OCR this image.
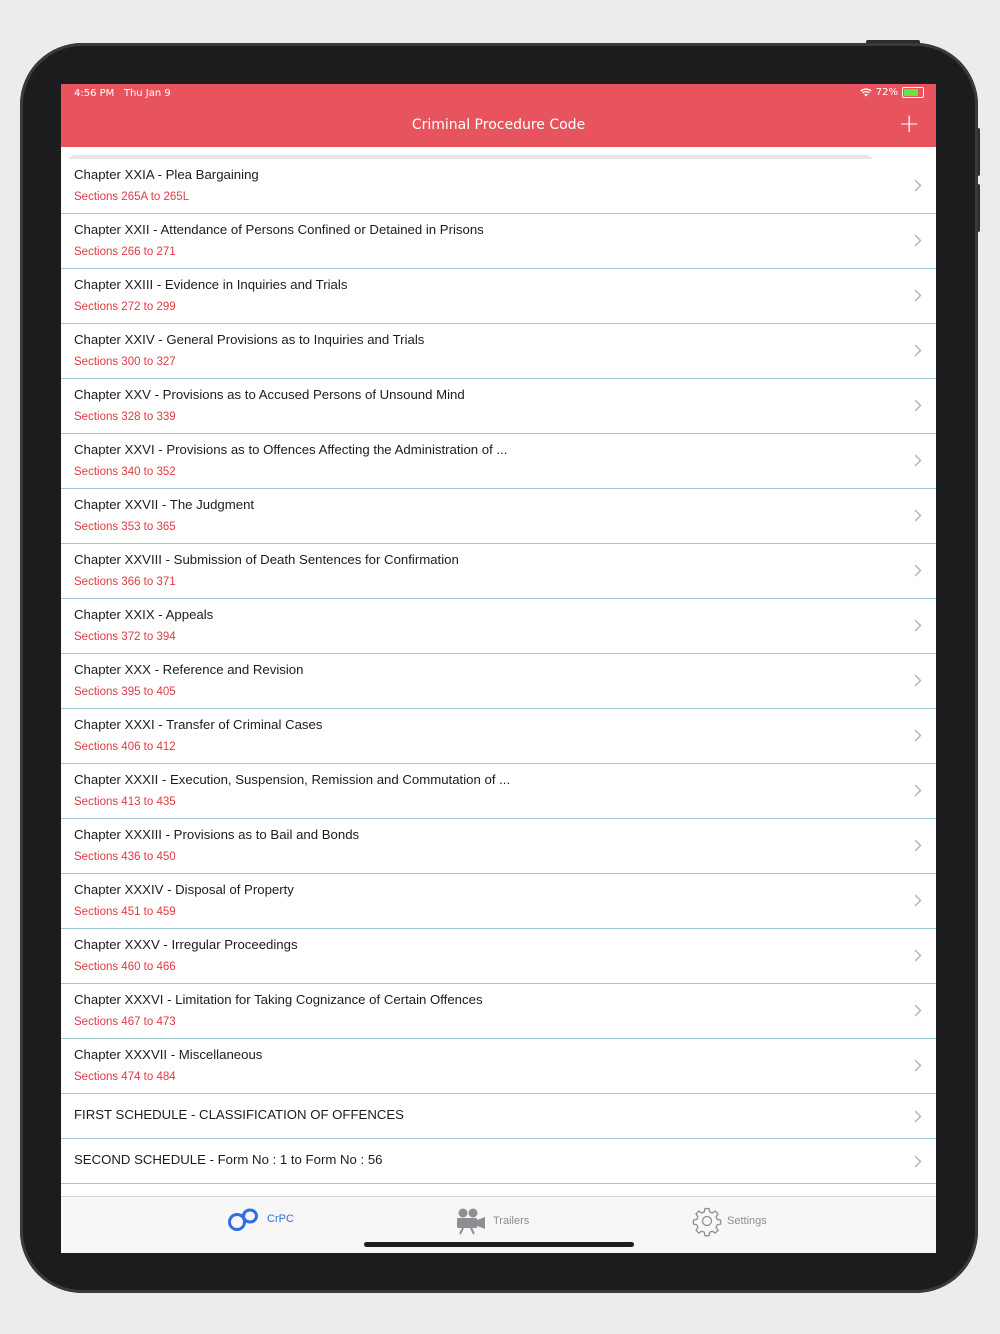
4:56 PM Thu Jan 9	72%
Criminal Procedure Code	+
Search Chapters & Section nos
Chapter XXIA - Plea Bargaining
Sections 265A to 265L
Chapter XXII - Attendance of Persons Confined or Detained in Prisons
Sections 266 to 271
Chapter XXIII - Evidence in Inquiries and Trials
Sections 272 to 299
Chapter XXIV - General Provisions as to Inquiries and Trials
Sections 300 to 327
Chapter XXV - Provisions as to Accused Persons of Unsound Mind
Sections 328 to 339
Chapter XXVI - Provisions as to Offences Affecting the Administration of ...
Sections 340 to 352
Chapter XXVII - The Judgment
Sections 353 to 365
Chapter XXVIII - Submission of Death Sentences for Confirmation
Sections 366 to 371
Chapter XXIX - Appeals
Sections 372 to 394
Chapter XXX - Reference and Revision
Sections 395 to 405
Chapter XXXI - Transfer of Criminal Cases
Sections 406 to 412
Chapter XXXII - Execution, Suspension, Remission and Commutation of ...
Sections 413 to 435
Chapter XXXIII - Provisions as to Bail and Bonds
Sections 436 to 450
Chapter XXXIV - Disposal of Property
Sections 451 to 459
Chapter XXXV - Irregular Proceedings
Sections 460 to 466
Chapter XXXVI - Limitation for Taking Cognizance of Certain Offences
Sections 467 to 473
Chapter XXXVII - Miscellaneous
Sections 474 to 484
FIRST SCHEDULE - CLASSIFICATION OF OFFENCES
SECOND SCHEDULE - Form No : 1 to Form No : 56
CrPC	Trailers	Settings
